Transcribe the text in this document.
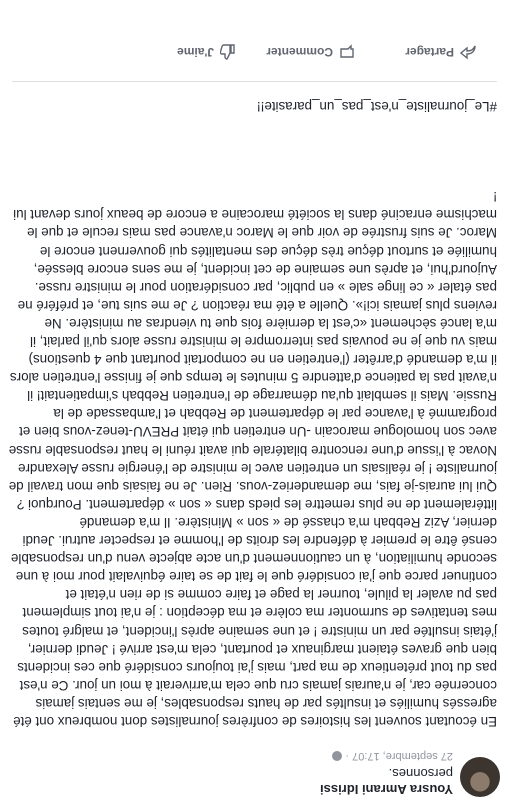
Yousra Amrani Idrissi
personnes.
27 septembre, 17:07 ·
En écoutant souvent les histoires de confrères journalistes dont nombreux ont été agressés humiliés et insultés par de hauts responsables, je me sentais jamais concernée car, je n'aurais jamais cru que cela m'arriverait à moi un jour. Ce n'est pas du tout prétentieux de ma part, mais j'ai toujours considéré que ces incidents bien que graves étaient marginaux et pourtant, cela m'est arrivé ! Jeudi dernier, j'étais insultée par un ministre ! et une semaine après l'incident, et malgré toutes mes tentatives de surmonter ma colère et ma déception : je n'ai tout simplement pas pu avaler la pilule, tourner la page et faire comme si de rien n'était et continuer parce que j'ai considéré que le fait de se taire équivalait pour moi à une seconde humiliation, à un cautionnement d'un acte abjecte venu d'un responsable censé être le premier à défendre les droits de l'homme et respecter autrui. Jeudi dernier, Aziz Rebbah m'a chassé de « son » Ministère. Il m'a demandé littéralement de ne plus remettre les pieds dans « son » département. Pourquoi ? Qui lui aurais-je fais, me demanderiez-vous. Rien. Je ne faisais que mon travail de journaliste ! je réalisais un entretien avec le ministre de l'énergie russe Alexandre Novac à l'issue d'une rencontre bilatérale qui avait réuni le haut responsable russe avec son homologue marocain -Un entretien qui était PREVU-tenez-vous bien et programmé à l'avance par le département de Rebbah et l'ambassade de la Russie. Mais il semblait qu'au démarrage de l'entretien Rebbah s'impatientait! il n'avait pas la patience d'attendre 5 minutes le temps que je finisse l'entretien alors il m'a demandé d'arrêter (l'entretien en ne comportait pourtant que 4 questions) mais vu que je ne pouvais pas interrompre le ministre russe alors qu'il parlait, il m'a lancé sèchement «c'est la dernière fois que tu viendras au ministère. Ne reviens plus jamais ici!». Quelle a été ma réaction ? Je me suis tue, et préféré ne pas étaler « ce linge sale » en public, par considération pour le ministre russe. Aujourd'hui, et après une semaine de cet incident, je me sens encore blessée, humiliée et surtout déçue très déçue des mentalités qui gouvernent encore le Maroc. Je suis frustrée de voir que le Maroc n'avance pas mais recule et que le machisme enraciné dans la société marocaine a encore de beaux jours devant lui !
#Le_journaliste_n'est_pas_un_parasite!!
J'aime	Commenter	Partager
